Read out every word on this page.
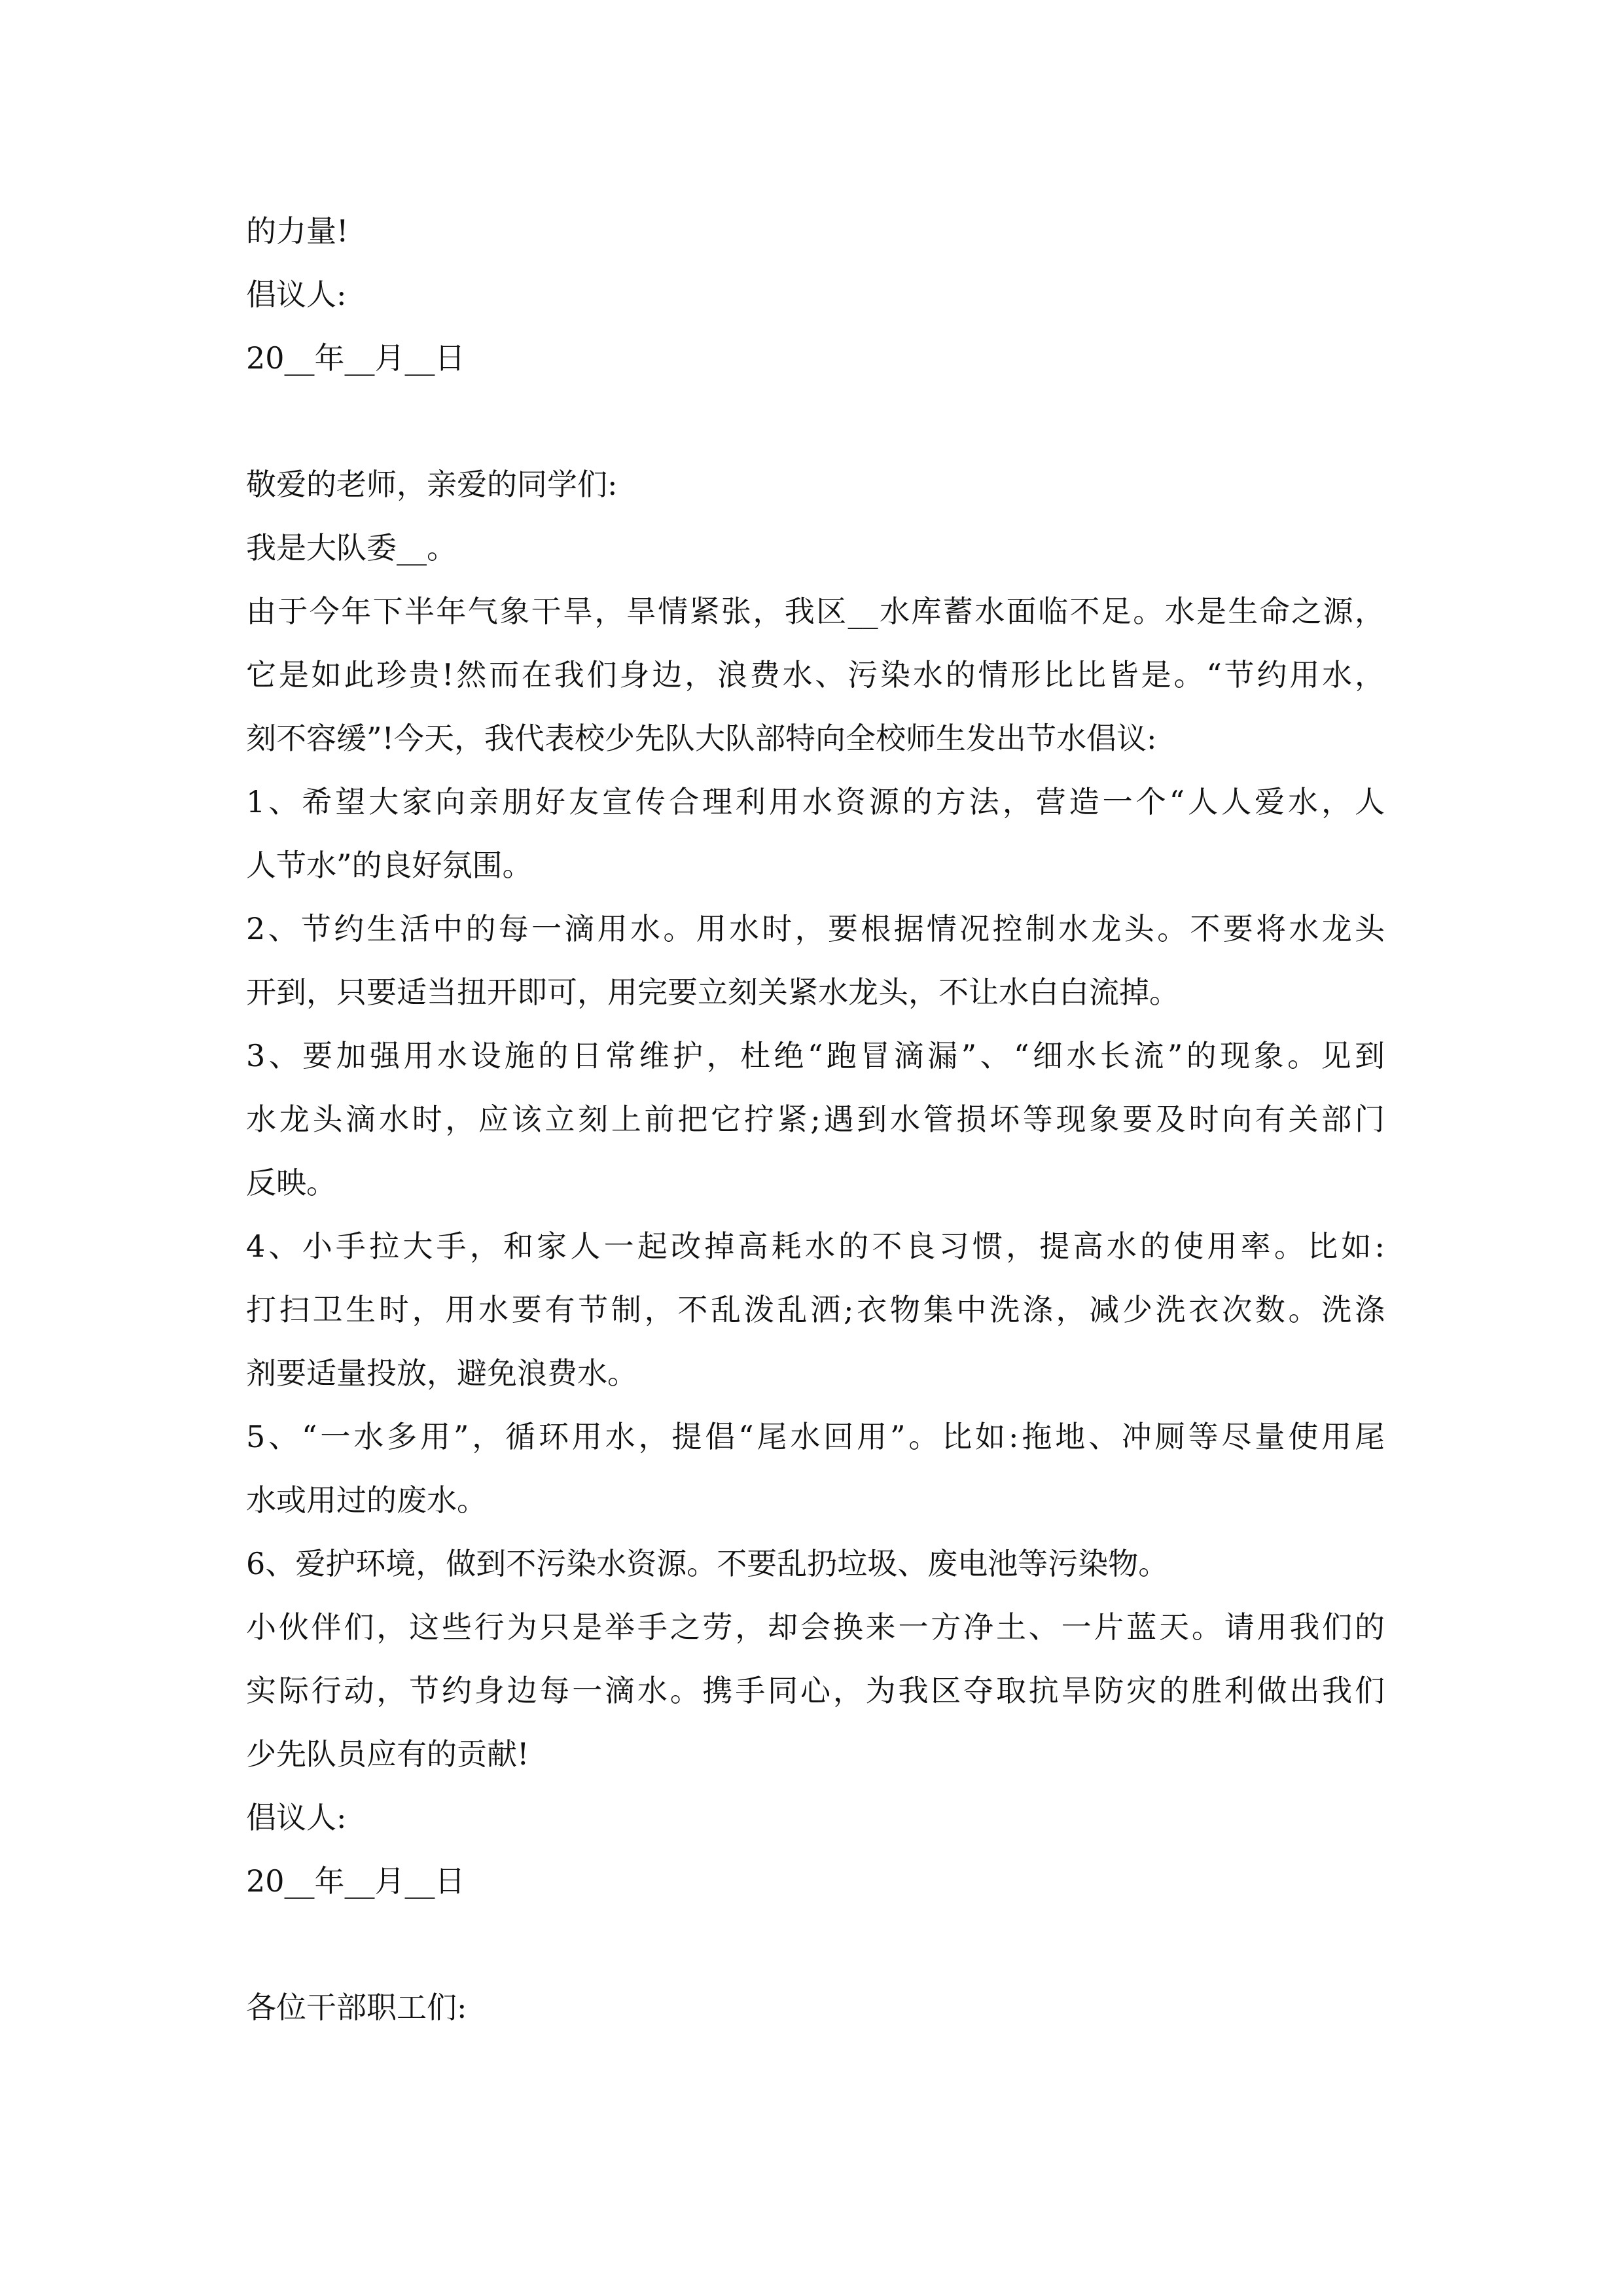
的力量!
倡议人:
20__年__月__日
敬爱的老师，亲爱的同学们:
我是大队委__。
由于今年下半年气象干旱，旱情紧张，我区__水库蓄水面临不足。水是生命之源，
它是如此珍贵!然而在我们身边，浪费水、污染水的情形比比皆是。“节约用水，
刻不容缓”!今天，我代表校少先队大队部特向全校师生发出节水倡议:
1、希望大家向亲朋好友宣传合理利用水资源的方法，营造一个“人人爱水，人
人节水”的良好氛围。
2、节约生活中的每一滴用水。用水时，要根据情况控制水龙头。不要将水龙头
开到，只要适当扭开即可，用完要立刻关紧水龙头，不让水白白流掉。
3、要加强用水设施的日常维护，杜绝“跑冒滴漏”、“细水长流”的现象。见到
水龙头滴水时，应该立刻上前把它拧紧;遇到水管损坏等现象要及时向有关部门
反映。
4、小手拉大手，和家人一起改掉高耗水的不良习惯，提高水的使用率。比如:
打扫卫生时，用水要有节制，不乱泼乱洒;衣物集中洗涤，减少洗衣次数。洗涤
剂要适量投放，避免浪费水。
5、“一水多用”，循环用水，提倡“尾水回用”。比如:拖地、冲厕等尽量使用尾
水或用过的废水。
6、爱护环境，做到不污染水资源。不要乱扔垃圾、废电池等污染物。
小伙伴们，这些行为只是举手之劳，却会换来一方净土、一片蓝天。请用我们的
实际行动，节约身边每一滴水。携手同心，为我区夺取抗旱防灾的胜利做出我们
少先队员应有的贡献!
倡议人:
20__年__月__日
各位干部职工们:
